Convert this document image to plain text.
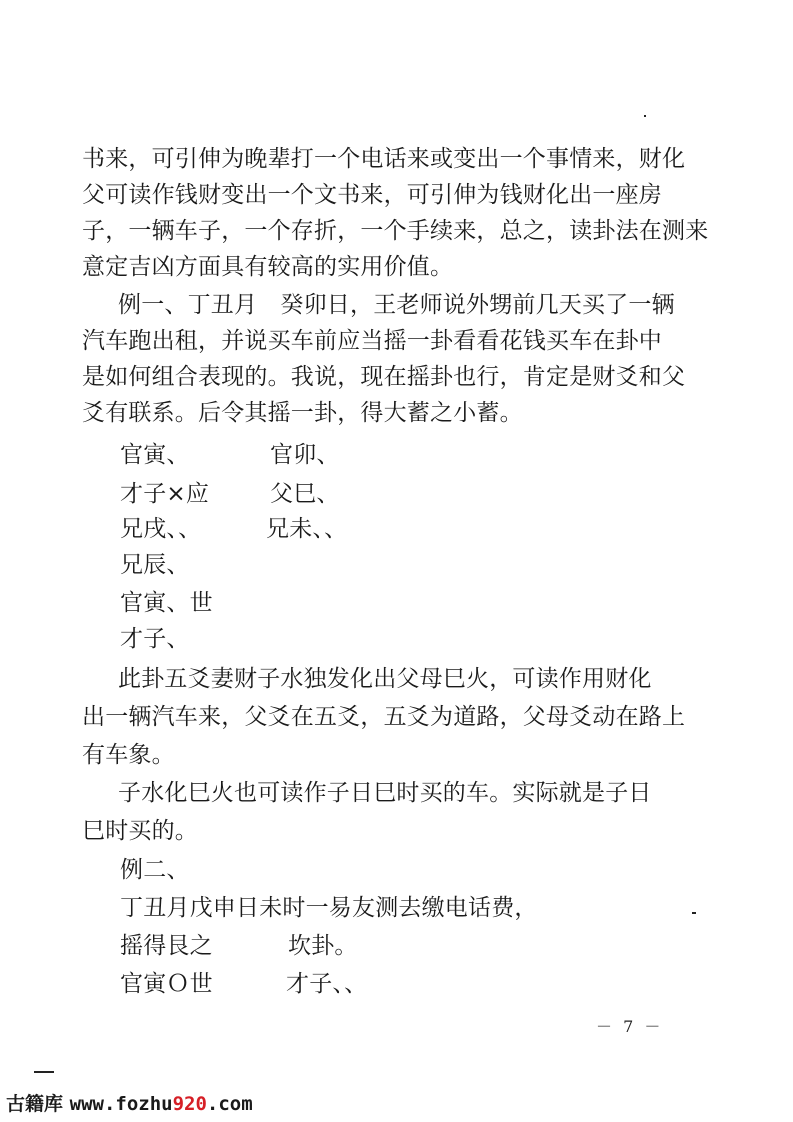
书来，可引伸为晚辈打一个电话来或变出一个事情来，财化
父可读作钱财变出一个文书来，可引伸为钱财化出一座房
子，一辆车子，一个存折，一个手续来，总之，读卦法在测来
意定吉凶方面具有较高的实用价值。
例一、丁丑月　癸卯日，王老师说外甥前几天买了一辆
汽车跑出租，并说买车前应当摇一卦看看花钱买车在卦中
是如何组合表现的。我说，现在摇卦也行，肯定是财爻和父
爻有联系。后令其摇一卦，得大蓄之小蓄。
官寅、	官卯、
才子×应	父巳、
兄戌、、	兄未、、
兄辰、
官寅、世
才子、
此卦五爻妻财子水独发化出父母巳火，可读作用财化
出一辆汽车来，父爻在五爻，五爻为道路，父母爻动在路上
有车象。
子水化巳火也可读作子日巳时买的车。实际就是子日
巳时买的。
例二、
丁丑月戊申日未时一易友测去缴电话费，
摇得艮之	坎卦。
官寅Ｏ世	才子、、
－ 7 －
古籍库 www.fozhu920.com
